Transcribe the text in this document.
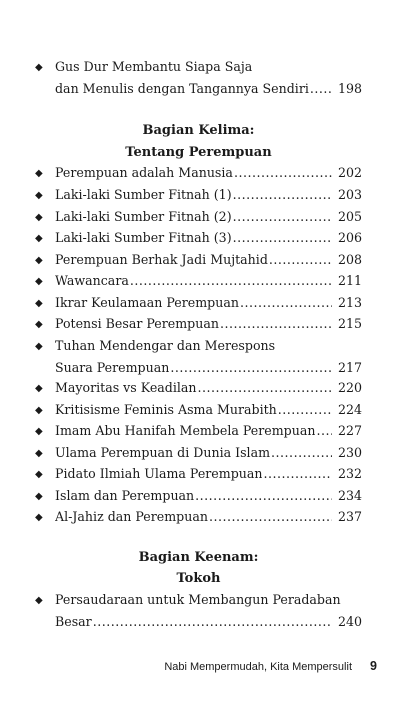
◆ Gus Dur Membantu Siapa Saja
dan Menulis dengan Tangannya Sendiri .....	198
Bagian Kelima:
Tentang Perempuan
◆ Perempuan adalah Manusia .....	202
◆ Laki-laki Sumber Fitnah (1) .....	203
◆ Laki-laki Sumber Fitnah (2) .....	205
◆ Laki-laki Sumber Fitnah (3) .....	206
◆ Perempuan Berhak Jadi Mujtahid .....	208
◆ Wawancara .....	211
◆ Ikrar Keulamaan Perempuan .....	213
◆ Potensi Besar Perempuan .....	215
◆ Tuhan Mendengar dan Merespons
Suara Perempuan .....	217
◆ Mayoritas vs Keadilan .....	220
◆ Kritisisme Feminis Asma Murabith .....	224
◆ Imam Abu Hanifah Membela Perempuan .....	227
◆ Ulama Perempuan di Dunia Islam .....	230
◆ Pidato Ilmiah Ulama Perempuan .....	232
◆ Islam dan Perempuan .....	234
◆ Al-Jahiz dan Perempuan .....	237
Bagian Keenam:
Tokoh
◆ Persaudaraan untuk Membangun Peradaban
Besar .....	240
Nabi Mempermudah, Kita Mempersulit 9
